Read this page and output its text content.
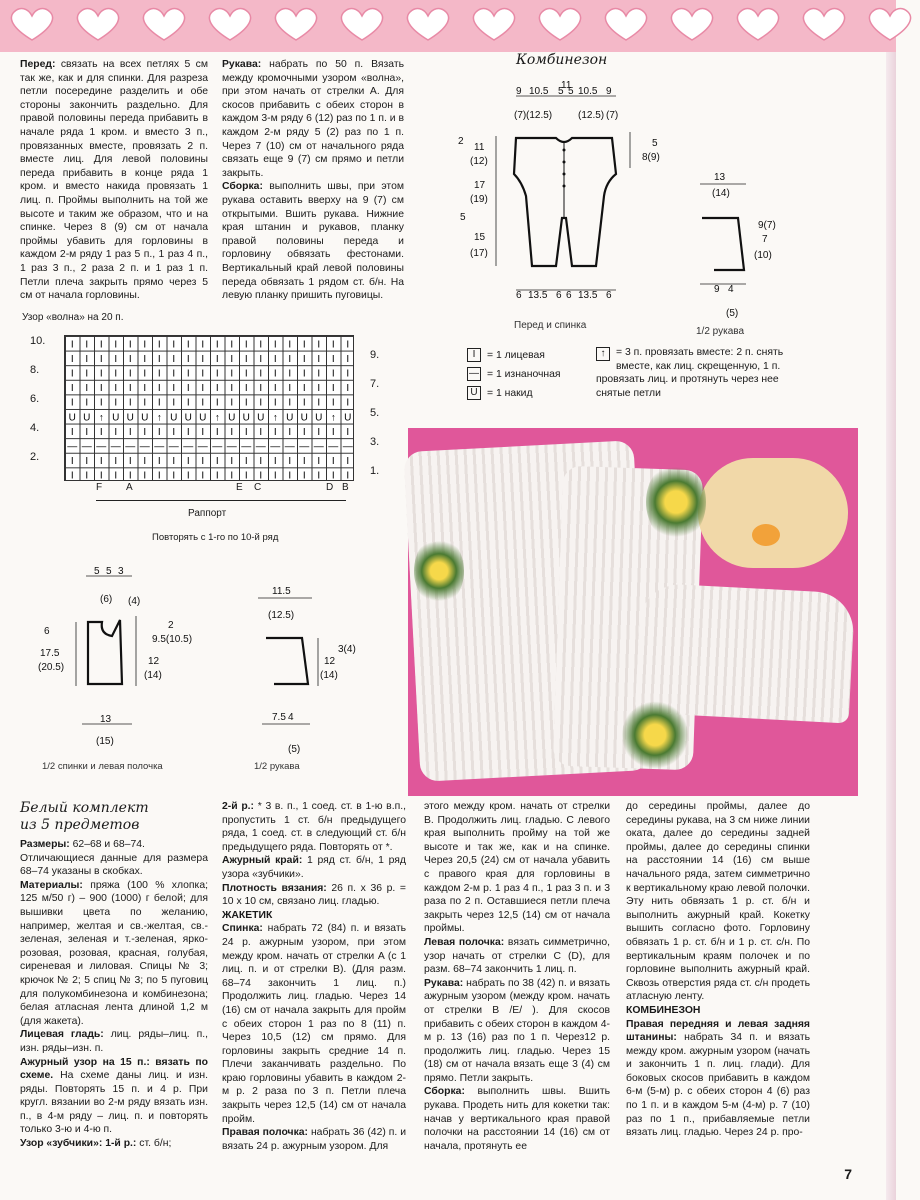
Перед: связать на всех петлях 5 см так же, как и для спинки. Для разреза петли посередине разделить и обе стороны закончить раздельно. Для правой половины переда прибавить в начале ряда 1 кром. и вместо 3 п., провязанных вместе, провязать 2 п. вместе лиц. Для левой половины переда прибавить в конце ряда 1 кром. и вместо накида провязать 1 лиц. п. Проймы выполнить на той же высоте и таким же образом, что и на спинке. Через 8 (9) см от начала проймы убавить для горловины в каждом 2-м ряду 1 раз 5 п., 1 раз 4 п., 1 раз 3 п., 2 раза 2 п. и 1 раз 1 п. Петли плеча закрыть прямо через 5 см от начала горловины.

Рукава: набрать по 50 п. Вязать между кромочными узором «волна», при этом начать от стрелки A. Для скосов прибавить с обеих сторон в каждом 3-м ряду 6 (12) раз по 1 п. и в каждом 2-м ряду 5 (2) раз по 1 п. Через 7 (10) см от начального ряда связать еще 9 (7) см прямо и петли закрыть.

Сборка: выполнить швы, при этом рукава оставить вверху на 9 (7) см открытыми. Вшить рукава. Нижние края штанин и рукавов, планку правой половины переда и горловину обвязать фестонами. Вертикальный край левой половины переда обвязать 1 рядом ст. б/н. На левую планку пришить пуговицы.

Комбинезон
9 10.5
11
5 5 10.5 9
(7) (12.5)	(12.5) (7)
2
11
(12)
17
(19)
5
15
(17)
5
8(9)
6 13.5 6 6 13.5 6
Перед и спинка
13
(14)
9(7)
7
(10)
9 4
(5)
1/2 рукава
I = 1 лицевая
— = 1 изнаночная
U = 1 накид
↑	= 3 п. провязать вместе: 2 п. снять вместе, как лиц. скрещенную, 1 п. провязать лиц. и протянуть через нее снятые петли
Узор «волна» на 20 п.
I I I I I I I I I I I I I I I I I I I I
I I I I I I I I I I I I I I I I I I I I
I I I I I I I I I I I I I I I I I I I I
I I I I I I I I I I I I I I I I I I I I
I I I I I I I I I I I I I I I I I I I I
U U ↑ U U U ↑ U U U ↑ U U U ↑ U U U ↑ U
I I I I I I I I I I I I I I I I I I I I
— — — — — — — — — — — — — — — — — — — —
I I I I I I I I I I I I I I I I I I I I
I I I I I I I I I I I I I I I I I I I I
10.
8.
6.
4.
2.
9.
7.
5.
3.
1.
F A	E C	D B
Раппорт
Повторять с 1-го по 10-й ряд
5 5 3
(6) (4)
6
17.5
(20.5)
2
9.5(10.5)
12
(14)
13
(15)
1/2 спинки и левая полочка
11.5
(12.5)
3(4)
12
(14)
7.5 4
(5)
1/2 рукава
Белый комплект
из 5 предметов

Размеры: 62–68 и 68–74.

Отличающиеся данные для размера 68–74 указаны в скобках.

Материалы: пряжа (100 % хлопка; 125 м/50 г) – 900 (1000) г белой; для вышивки цвета по желанию, например, желтая и св.-желтая, св.-зеленая, зеленая и т.-зеленая, ярко-розовая, розовая, красная, голубая, сиреневая и лиловая. Спицы № 3; крючок № 2; 5 спиц № 3; по 5 пуговиц для полукомбинезона и комбинезона; белая атласная лента длиной 1,2 м (для жакета).

Лицевая гладь: лиц. ряды–лиц. п., изн. ряды–изн. п.

Ажурный узор на 15 п.: вязать по схеме. На схеме даны лиц. и изн. ряды. Повторять 15 п. и 4 р. При кругл. вязании во 2-м ряду вязать изн. п., в 4-м ряду – лиц. п. и повторять только 3-ю и 4-ю п.

Узор «зубчики»: 1-й р.: ст. б/н;

2-й р.: * 3 в. п., 1 соед. ст. в 1-ю в.п., пропустить 1 ст. б/н предыдущего ряда, 1 соед. ст. в следующий ст. б/н предыдущего ряда. Повторять от *.

Ажурный край: 1 ряд ст. б/н, 1 ряд узора «зубчики».

Плотность вязания: 26 п. x 36 р. = 10 x 10 см, связано лиц. гладью.

ЖАКЕТИК

Спинка: набрать 72 (84) п. и вязать 24 р. ажурным узором, при этом между кром. начать от стрелки A (с 1 лиц. п. и от стрелки B). (Для разм. 68–74 закончить 1 лиц. п.) Продолжить лиц. гладью. Через 14 (16) см от начала закрыть для пройм с обеих сторон 1 раз по 8 (11) п. Через 10,5 (12) см прямо. Для горловины закрыть средние 14 п. Плечи заканчивать раздельно. По краю горловины убавить в каждом 2-м р. 2 раза по 3 п. Петли плеча закрыть через 12,5 (14) см от начала пройм.

Правая полочка: набрать 36 (42) п. и вязать 24 р. ажурным узором. Для

этого между кром. начать от стрелки B. Продолжить лиц. гладью. С левого края выполнить пройму на той же высоте и так же, как и на спинке. Через 20,5 (24) см от начала убавить с правого края для горловины в каждом 2-м р. 1 раз 4 п., 1 раз 3 п. и 3 раза по 2 п. Оставшиеся петли плеча закрыть через 12,5 (14) см от начала проймы.

Левая полочка: вязать симметрично, узор начать от стрелки C (D), для разм. 68–74 закончить 1 лиц. п.

Рукава: набрать по 38 (42) п. и вязать ажурным узором (между кром. начать от стрелки В /Е/ ). Для скосов прибавить с обеих сторон в каждом 4-м р. 13 (16) раз по 1 п. Через12 р. продолжить лиц. гладью. Через 15 (18) см от начала вязать еще 3 (4) см прямо. Петли закрыть.

Сборка: выполнить швы. Вшить рукава. Продеть нить для кокетки так: начав у вертикального края правой полочки на расстоянии 14 (16) см от начала, протянуть ее

до середины проймы, далее до середины рукава, на 3 см ниже линии оката, далее до середины задней проймы, далее до середины спинки на расстоянии 14 (16) см выше начального ряда, затем симметрично к вертикальному краю левой полочки. Эту нить обвязать 1 р. ст. б/н и выполнить ажурный край. Кокетку вышить согласно фото. Горловину обвязать 1 р. ст. б/н и 1 р. ст. с/н. По вертикальным краям полочек и по горловине выполнить ажурный край. Сквозь отверстия ряда ст. с/н продеть атласную ленту.

КОМБИНЕЗОН

Правая передняя и левая задняя штанины: набрать 34 п. и вязать между кром. ажурным узором (начать и закончить 1 п. лиц. глади). Для боковых скосов прибавить в каждом 6-м (5-м) р. с обеих сторон 4 (6) раз по 1 п. и в каждом 5-м (4-м) р. 7 (10) раз по 1 п., прибавляемые петли вязать лиц. гладью. Через 24 р. про-

7
